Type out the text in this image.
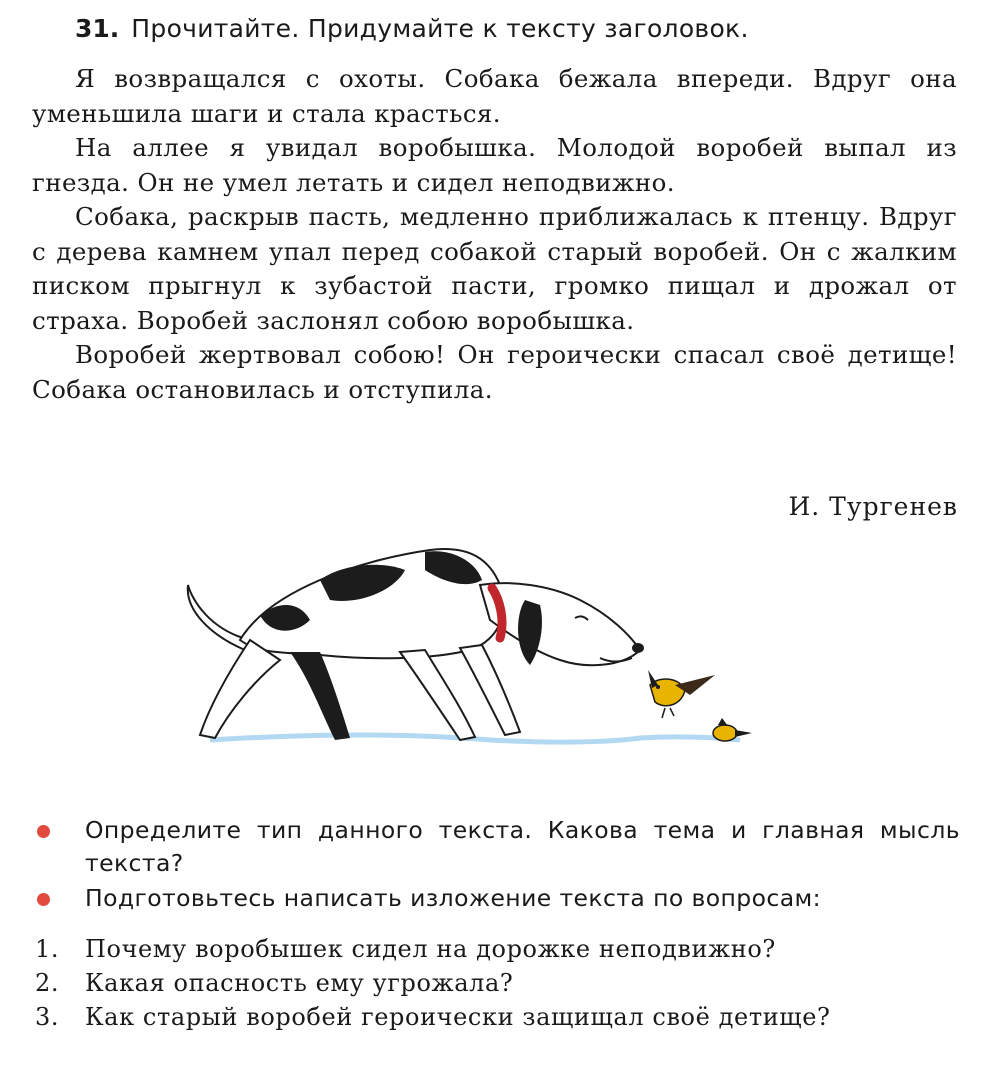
31. Прочитайте. Придумайте к тексту заголовок.

Я возвращался с охоты. Собака бежала впереди. Вдруг она уменьшила шаги и стала красться.

На аллее я увидал воробышка. Молодой воробей выпал из гнезда. Он не умел летать и сидел неподвижно.

Собака, раскрыв пасть, медленно приближалась к птенцу. Вдруг с дерева камнем упал перед собакой старый воробей. Он с жалким писком прыгнул к зубастой пасти, громко пищал и дрожал от страха. Воробей заслонял собою воробышка.

Воробей жертвовал собою! Он героически спасал своё детище! Собака остановилась и отступила.

И. Тургенев
Определите тип данного текста. Какова тема и главная мысль текста?
Подготовьтесь написать изложение текста по вопросам:

1. Почему воробышек сидел на дорожке неподвижно?

2. Какая опасность ему угрожала?

3. Как старый воробей героически защищал своё детище?
